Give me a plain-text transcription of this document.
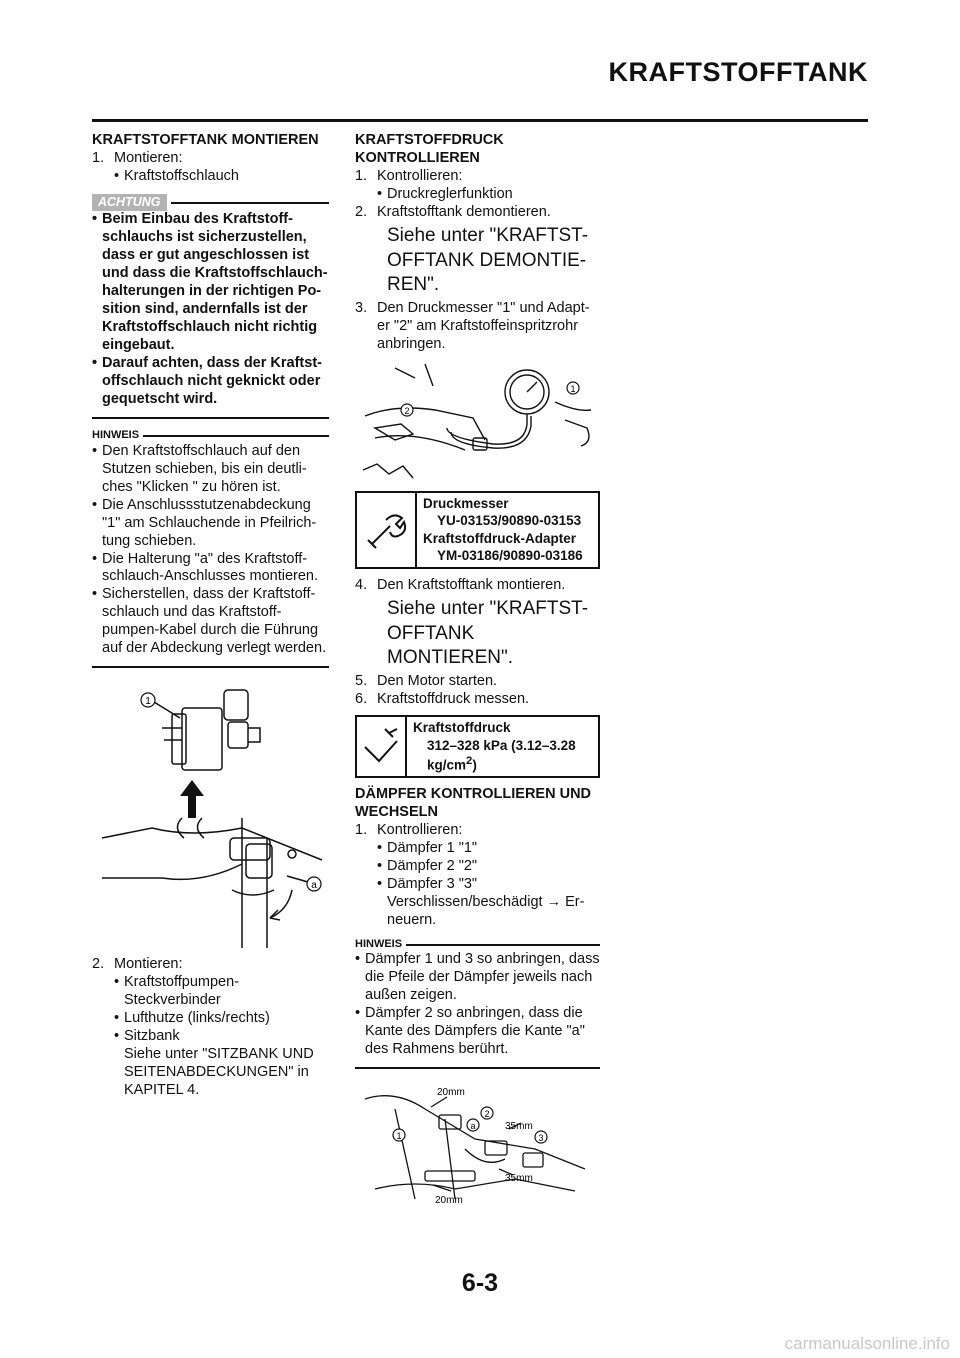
KRAFTSTOFFTANK
KRAFTSTOFFTANK MONTIEREN
1. Montieren:
• Kraftstoffschlauch
ACHTUNG
• Beim Einbau des Kraftstoff-schlauchs ist sicherzustellen, dass er gut angeschlossen ist und dass die Kraftstoffschlauch-halterungen in der richtigen Po-sition sind, andernfalls ist der Kraftstoffschlauch nicht richtig eingebaut.
• Darauf achten, dass der Kraftst-offschlauch nicht geknickt oder gequetscht wird.
HINWEIS
• Den Kraftstoffschlauch auf den Stutzen schieben, bis ein deutli-ches "Klicken " zu hören ist.
• Die Anschlussstutzenabdeckung "1" am Schlauchende in Pfeilrich-tung schieben.
• Die Halterung "a" des Kraftstoff-schlauch-Anschlusses montieren.
• Sicherstellen, dass der Kraftstoff-schlauch und das Kraftstoff-pumpen-Kabel durch die Führung auf der Abdeckung verlegt werden.
1
a
2. Montieren:
• Kraftstoffpumpen-Steckverbinder
• Lufthutze (links/rechts)
• Sitzbank
Siehe unter "SITZBANK UND SEITENABDECKUNGEN" in KAPITEL 4.
KRAFTSTOFFDRUCK KONTROLLIEREN
1. Kontrollieren:
• Druckreglerfunktion
2. Kraftstofftank demontieren.
Siehe unter "KRAFTST-OFFTANK DEMONTIE-REN".
3. Den Druckmesser "1" und Adapt-er "2" am Kraftstoffeinspritzrohr anbringen.
1
2
Druckmesser
YU-03153/90890-03153
Kraftstoffdruck-Adapter
YM-03186/90890-03186
4. Den Kraftstofftank montieren.
Siehe unter "KRAFTST-OFFTANK MONTIEREN".
5. Den Motor starten.
6. Kraftstoffdruck messen.
Kraftstoffdruck
312–328 kPa (3.12–3.28 $kg/cm^2$)
DÄMPFER KONTROLLIEREN UND WECHSELN
1. Kontrollieren:
• Dämpfer 1 "1"
• Dämpfer 2 "2"
• Dämpfer 3 "3"
Verschlissen/beschädigt → Er-neuern.
HINWEIS
• Dämpfer 1 und 3 so anbringen, dass die Pfeile der Dämpfer jeweils nach außen zeigen.
• Dämpfer 2 so anbringen, dass die Kante des Dämpfers die Kante "a" des Rahmens berührt.
20mm
35mm
35mm
20mm
1
2
3
a
6-3
carmanualsonline.info
